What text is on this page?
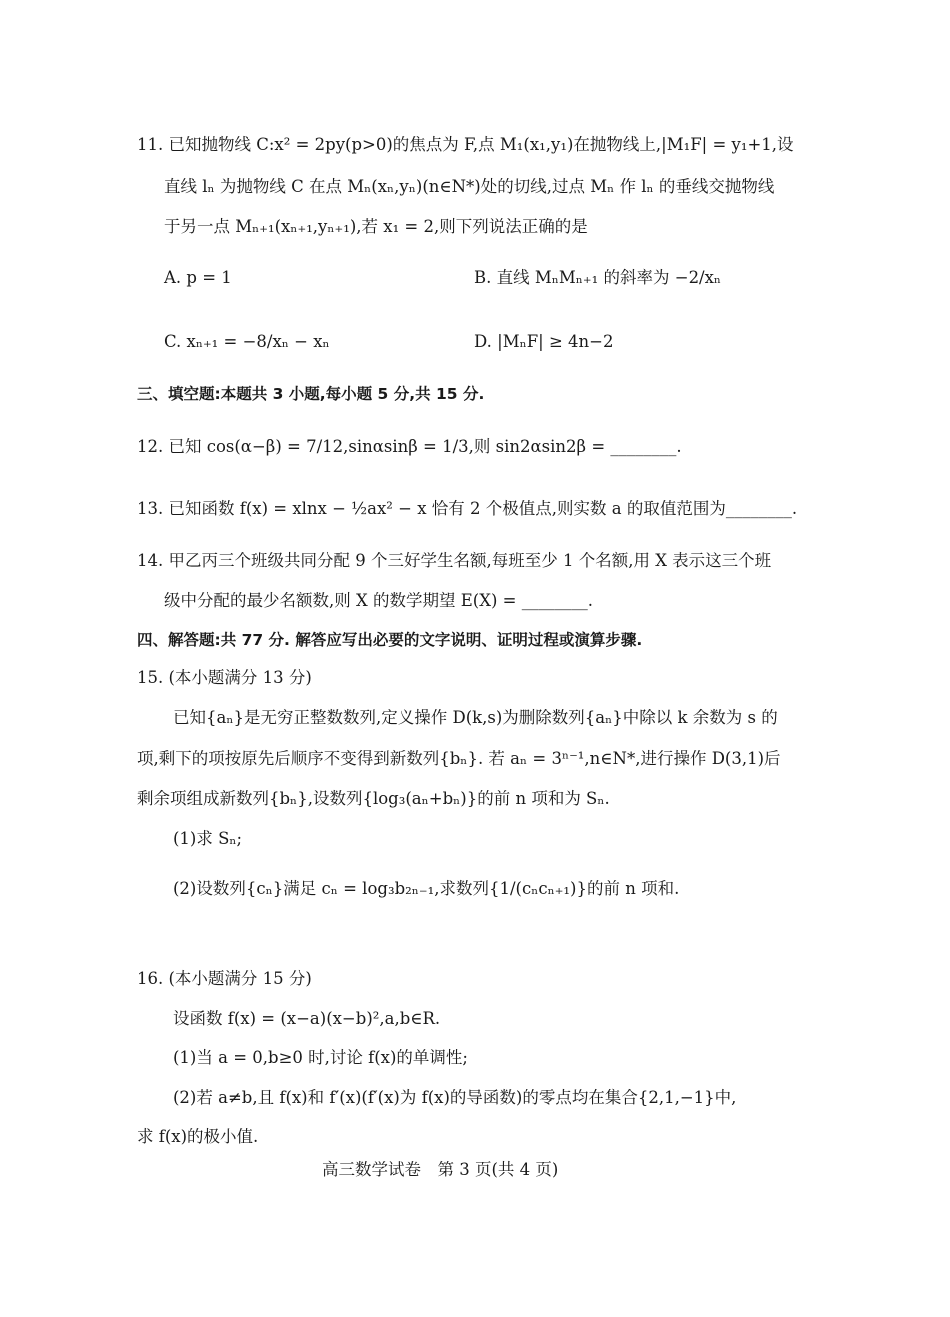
11. 已知抛物线 C:x² = 2py(p>0)的焦点为 F,点 M₁(x₁,y₁)在抛物线上,|M₁F| = y₁+1,设
直线 lₙ 为抛物线 C 在点 Mₙ(xₙ,yₙ)(n∈N*)处的切线,过点 Mₙ 作 lₙ 的垂线交抛物线
于另一点 Mₙ₊₁(xₙ₊₁,yₙ₊₁),若 x₁ = 2,则下列说法正确的是
A. p = 1	B. 直线 MₙMₙ₊₁ 的斜率为 −2/xₙ
C. xₙ₊₁ = −8/xₙ − xₙ	D. |MₙF| ≥ 4n−2
三、填空题:本题共 3 小题,每小题 5 分,共 15 分.
12. 已知 cos(α−β) = 7/12,sinαsinβ = 1/3,则 sin2αsin2β = ________.
13. 已知函数 f(x) = xlnx − ½ax² − x 恰有 2 个极值点,则实数 a 的取值范围为________.
14. 甲乙丙三个班级共同分配 9 个三好学生名额,每班至少 1 个名额,用 X 表示这三个班
级中分配的最少名额数,则 X 的数学期望 E(X) = ________.
四、解答题:共 77 分. 解答应写出必要的文字说明、证明过程或演算步骤.
15. (本小题满分 13 分)
已知{aₙ}是无穷正整数数列,定义操作 D(k,s)为删除数列{aₙ}中除以 k 余数为 s 的
项,剩下的项按原先后顺序不变得到新数列{bₙ}. 若 aₙ = 3ⁿ⁻¹,n∈N*,进行操作 D(3,1)后
剩余项组成新数列{bₙ},设数列{log₃(aₙ+bₙ)}的前 n 项和为 Sₙ.
(1)求 Sₙ;
(2)设数列{cₙ}满足 cₙ = log₃b₂ₙ₋₁,求数列{1/(cₙcₙ₊₁)}的前 n 项和.
16. (本小题满分 15 分)
设函数 f(x) = (x−a)(x−b)²,a,b∈R.
(1)当 a = 0,b≥0 时,讨论 f(x)的单调性;
(2)若 a≠b,且 f(x)和 f′(x)(f′(x)为 f(x)的导函数)的零点均在集合{2,1,−1}中,
求 f(x)的极小值.
高三数学试卷　第 3 页(共 4 页)
